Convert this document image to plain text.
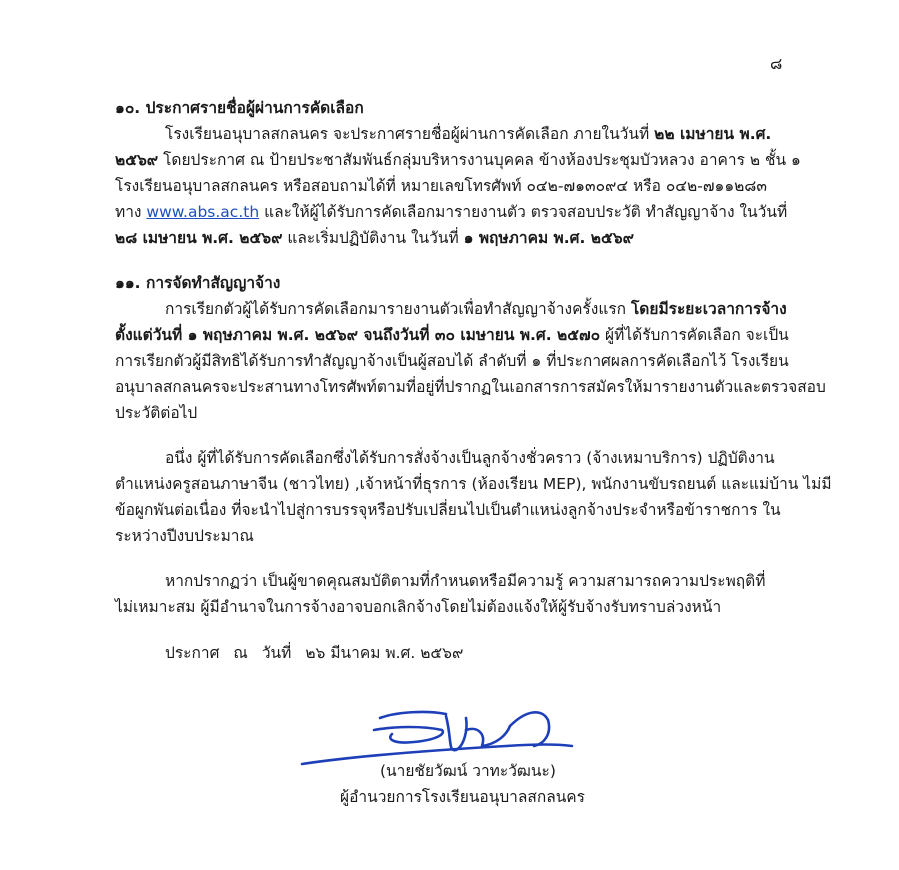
๘
๑๐. ประกาศรายชื่อผู้ผ่านการคัดเลือก
โรงเรียนอนุบาลสกลนคร จะประกาศรายชื่อผู้ผ่านการคัดเลือก ภายในวันที่ ๒๒ เมษายน พ.ศ.
๒๕๖๙ โดยประกาศ ณ ป้ายประชาสัมพันธ์กลุ่มบริหารงานบุคคล ข้างห้องประชุมบัวหลวง อาคาร ๒ ชั้น ๑
โรงเรียนอนุบาลสกลนคร หรือสอบถามได้ที่ หมายเลขโทรศัพท์ ๐๔๒-๗๑๓๐๙๔ หรือ ๐๔๒-๗๑๑๒๘๓
ทาง www.abs.ac.th และให้ผู้ได้รับการคัดเลือกมารายงานตัว ตรวจสอบประวัติ ทำสัญญาจ้าง ในวันที่
๒๘ เมษายน พ.ศ. ๒๕๖๙ และเริ่มปฏิบัติงาน ในวันที่ ๑ พฤษภาคม พ.ศ. ๒๕๖๙
๑๑. การจัดทำสัญญาจ้าง
การเรียกตัวผู้ได้รับการคัดเลือกมารายงานตัวเพื่อทำสัญญาจ้างครั้งแรก โดยมีระยะเวลาการจ้าง
ตั้งแต่วันที่ ๑ พฤษภาคม พ.ศ. ๒๕๖๙ จนถึงวันที่ ๓๐ เมษายน พ.ศ. ๒๕๗๐ ผู้ที่ได้รับการคัดเลือก จะเป็น
การเรียกตัวผู้มีสิทธิได้รับการทำสัญญาจ้างเป็นผู้สอบได้ ลำดับที่ ๑ ที่ประกาศผลการคัดเลือกไว้ โรงเรียน
อนุบาลสกลนครจะประสานทางโทรศัพท์ตามที่อยู่ที่ปรากฏในเอกสารการสมัครให้มารายงานตัวและตรวจสอบ
ประวัติต่อไป
อนึ่ง ผู้ที่ได้รับการคัดเลือกซึ่งได้รับการสั่งจ้างเป็นลูกจ้างชั่วคราว (จ้างเหมาบริการ) ปฏิบัติงาน
ตำแหน่งครูสอนภาษาจีน (ชาวไทย) ,เจ้าหน้าที่ธุรการ (ห้องเรียน MEP), พนักงานขับรถยนต์ และแม่บ้าน ไม่มี
ข้อผูกพันต่อเนื่อง ที่จะนำไปสู่การบรรจุหรือปรับเปลี่ยนไปเป็นตำแหน่งลูกจ้างประจำหรือข้าราชการ ใน
ระหว่างปีงบประมาณ
หากปรากฏว่า เป็นผู้ขาดคุณสมบัติตามที่กำหนดหรือมีความรู้ ความสามารถความประพฤติที่
ไม่เหมาะสม ผู้มีอำนาจในการจ้างอาจบอกเลิกจ้างโดยไม่ต้องแจ้งให้ผู้รับจ้างรับทราบล่วงหน้า
ประกาศ ณ วันที่ ๒๖ มีนาคม พ.ศ. ๒๕๖๙
(นายชัยวัฒน์ วาทะวัฒนะ)
ผู้อำนวยการโรงเรียนอนุบาลสกลนคร
